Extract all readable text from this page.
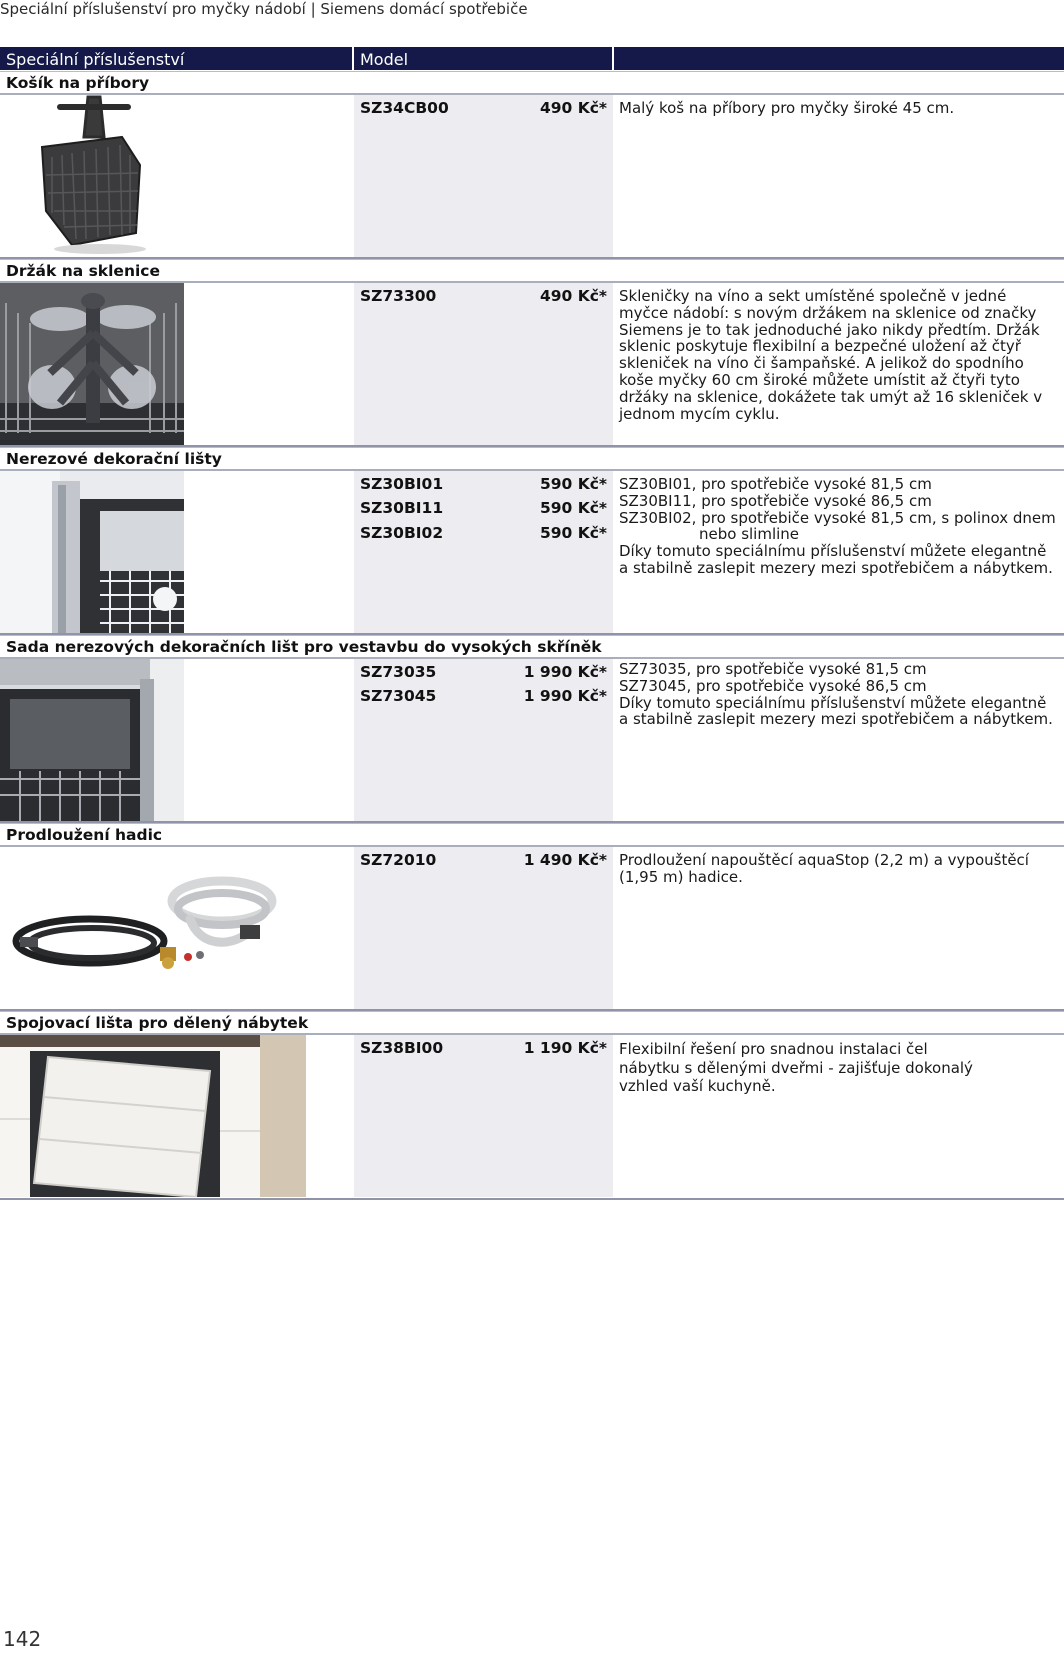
Speciální příslušenství pro myčky nádobí | Siemens domácí spotřebiče
Speciální příslušenství	Model
Košík na příbory
SZ34CB00	490 Kč* Malý koš na příbory pro myčky široké 45 cm.
Držák na sklenice
SZ73300	490 Kč* Skleničky na víno a sekt umístěné společně v jedné myčce nádobí: s novým držákem na sklenice od značky Siemens je to tak jednoduché jako nikdy předtím. Držák sklenic poskytuje flexibilní a bezpečné uložení až čtyř skleniček na víno či šampaňské. A jelikož do spodního koše myčky 60 cm široké můžete umístit až čtyři tyto držáky na sklenice, dokážete tak umýt až 16 skleniček v jednom mycím cyklu.
Nerezové dekorační lišty
SZ30BI01	590 Kč*
SZ30BI11	590 Kč*
SZ30BI02	590 Kč*
SZ30BI01, pro spotřebiče vysoké 81,5 cm
SZ30BI11, pro spotřebiče vysoké 86,5 cm
SZ30BI02, pro spotřebiče vysoké 81,5 cm, s polinox dnem
nebo slimline
Díky tomuto speciálnímu příslušenství můžete elegantně a stabilně zaslepit mezery mezi spotřebičem a nábytkem.
Sada nerezových dekoračních lišt pro vestavbu do vysokých skříněk
SZ73035	1 990 Kč*
SZ73045	1 990 Kč*
SZ73035, pro spotřebiče vysoké 81,5 cm
SZ73045, pro spotřebiče vysoké 86,5 cm
Díky tomuto speciálnímu příslušenství můžete elegantně a stabilně zaslepit mezery mezi spotřebičem a nábytkem.
Prodloužení hadic
SZ72010	1 490 Kč* Prodloužení napouštěcí aquaStop (2,2 m) a vypouštěcí (1,95 m) hadice.
Spojovací lišta pro dělený nábytek
SZ38BI00	1 190 Kč* Flexibilní řešení pro snadnou instalaci čel nábytku s dělenými dveřmi - zajišťuje dokonalý vzhled vaší kuchyně.
142
